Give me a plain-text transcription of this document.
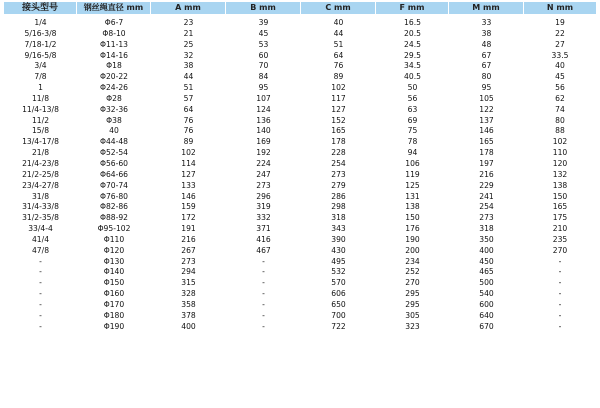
接头型号	钢丝绳直径 mm	A mm	B mm	C mm	F mm	M mm	N mm
1/4	Φ6-7	23	39	40	16.5	33	19
5/16-3/8	Φ8-10	21	45	44	20.5	38	22
7/18-1/2	Φ11-13	25	53	51	24.5	48	27
9/16-5/8	Φ14-16	32	60	64	29.5	67	33.5
3/4	Φ18	38	70	76	34.5	67	40
7/8	Φ20-22	44	84	89	40.5	80	45
1	Φ24-26	51	95	102	50	95	56
11/8	Φ28	57	107	117	56	105	62
11/4-13/8	Φ32-36	64	124	127	63	122	74
11/2	Φ38	76	136	152	69	137	80
15/8	40	76	140	165	75	146	88
13/4-17/8	Φ44-48	89	169	178	78	165	102
21/8	Φ52-54	102	192	228	94	178	110
21/4-23/8	Φ56-60	114	224	254	106	197	120
21/2-25/8	Φ64-66	127	247	273	119	216	132
23/4-27/8	Φ70-74	133	273	279	125	229	138
31/8	Φ76-80	146	296	286	131	241	150
31/4-33/8	Φ82-86	159	319	298	138	254	165
31/2-35/8	Φ88-92	172	332	318	150	273	175
33/4-4	Φ95-102	191	371	343	176	318	210
41/4	Φ110	216	416	390	190	350	235
47/8	Φ120	267	467	430	200	400	270
-	Φ130	273	-	495	234	450	-
-	Φ140	294	-	532	252	465	-
-	Φ150	315	-	570	270	500	-
-	Φ160	328	-	606	295	540	-
-	Φ170	358	-	650	295	600	-
-	Φ180	378	-	700	305	640	-
-	Φ190	400	-	722	323	670	-
